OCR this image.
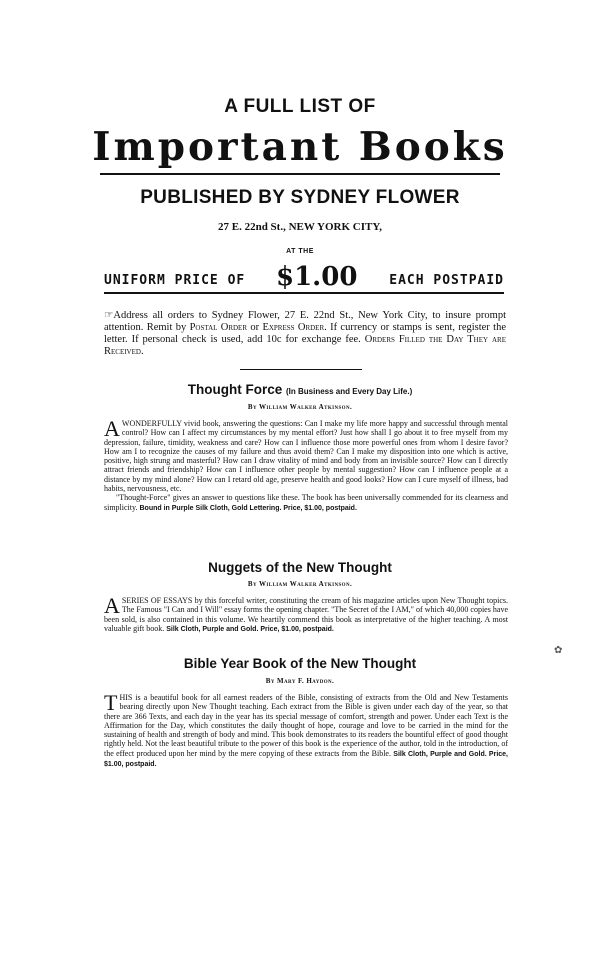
A FULL LIST OF
Important Books
PUBLISHED BY SYDNEY FLOWER
27 E. 22nd St., NEW YORK CITY,
AT THE
UNIFORM PRICE OF $1.00 EACH POSTPAID
☞Address all orders to Sydney Flower, 27 E. 22nd St., New York City, to insure prompt attention. Remit by Postal Order or Express Order. If currency or stamps is sent, register the letter. If personal check is used, add 10c for exchange fee. Orders Filled the Day They are Received.
Thought Force (In Business and Every Day Life.)
By William Walker Atkinson.

AWONDERFULLY vivid book, answering the questions: Can I make my life more happy and successful through mental control? How can I affect my circumstances by my mental effort? Just how shall I go about it to free myself from my depression, failure, timidity, weakness and care? How can I influence those more powerful ones from whom I desire favor? How am I to recognize the causes of my failure and thus avoid them? Can I make my disposition into one which is active, positive, high strung and masterful? How can I draw vitality of mind and body from an invisible source? How can I directly attract friends and friendship? How can I influence other people by mental suggestion? How can I influence people at a distance by my mind alone? How can I retard old age, preserve health and good looks? How can I cure myself of illness, bad habits, nervousness, etc.

"Thought-Force" gives an answer to questions like these. The book has been universally commended for its clearness and simplicity. Bound in Purple Silk Cloth, Gold Lettering. Price, $1.00, postpaid.

Nuggets of the New Thought
By William Walker Atkinson.

ASERIES OF ESSAYS by this forceful writer, constituting the cream of his magazine articles upon New Thought topics. The Famous "I Can and I Will" essay forms the opening chapter. "The Secret of the I AM," of which 40,000 copies have been sold, is also contained in this volume. We heartily commend this book as interpretative of the higher teaching. A most valuable gift book. Silk Cloth, Purple and Gold. Price, $1.00, postpaid.

Bible Year Book of the New Thought
By Mary F. Haydon.

THIS is a beautiful book for all earnest readers of the Bible, consisting of extracts from the Old and New Testaments bearing directly upon New Thought teaching. Each extract from the Bible is given under each day of the year, so that there are 366 Texts, and each day in the year has its special message of comfort, strength and power. Under each Text is the Affirmation for the Day, which constitutes the daily thought of hope, courage and love to be carried in the mind for the sustaining of health and strength of body and mind. This book demonstrates to its readers the bountiful effect of good thought rightly held. Not the least beautiful tribute to the power of this book is the experience of the author, told in the introduction, of the effect produced upon her mind by the mere copying of these extracts from the Bible. Silk Cloth, Purple and Gold. Price, $1.00, postpaid.

✿
